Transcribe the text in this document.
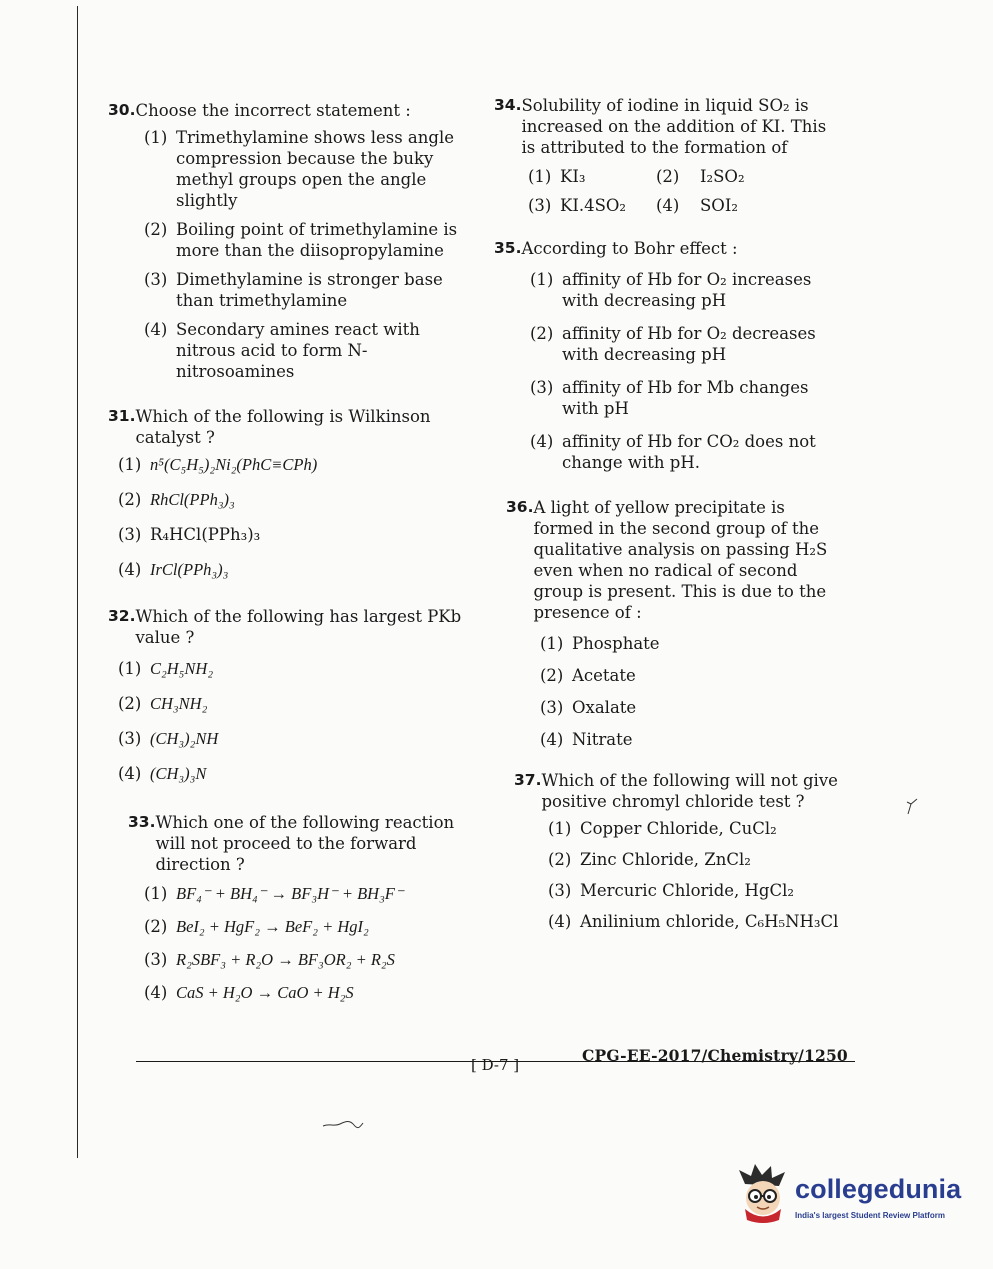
30. Choose the incorrect statement :
(1) Trimethylamine shows less angle compression because the buky methyl groups open the angle slightly
(2) Boiling point of trimethylamine is more than the diisopropylamine
(3) Dimethylamine is stronger base than trimethylamine
(4) Secondary amines react with nitrous acid to form N-nitrosoamines
31. Which of the following is Wilkinson catalyst ?
(1) n⁵(C₅H₅)₂Ni₂(PhC≡CPh)
(2) RhCl(PPh₃)₃
(3) R₄HCl(PPh₃)₃
(4) IrCl(PPh₃)₃
32. Which of the following has largest PKb value ?
(1) C₂H₅NH₂
(2) CH₃NH₂
(3) (CH₃)₂NH
(4) (CH₃)₃N
33. Which one of the following reaction will not proceed to the forward direction ?
(1) BF₄⁻ + BH₄⁻ → BF₃H⁻ + BH₃F⁻
(2) BeI₂ + HgF₂ → BeF₂ + HgI₂
(3) R₂SBF₃ + R₂O → BF₃OR₂ + R₂S
(4) CaS + H₂O → CaO + H₂S
34. Solubility of iodine in liquid SO₂ is increased on the addition of KI. This is attributed to the formation of
(1) KI₃	(2)	I₂SO₂
(3) KI.4SO₂	(4)	SOI₂
35. According to Bohr effect :
(1) affinity of Hb for O₂ increases with decreasing pH
(2) affinity of Hb for O₂ decreases with decreasing pH
(3) affinity of Hb for Mb changes with pH
(4) affinity of Hb for CO₂ does not change with pH.
36. A light of yellow precipitate is formed in the second group of the qualitative analysis on passing H₂S even when no radical of second group is present. This is due to the presence of :
(1) Phosphate
(2) Acetate
(3) Oxalate
(4) Nitrate
37. Which of the following will not give positive chromyl chloride test ?
(1) Copper Chloride, CuCl₂
(2) Zinc Chloride, ZnCl₂
(3) Mercuric Chloride, HgCl₂
(4) Anilinium chloride, C₆H₅NH₃Cl
[ D-7 ]	CPG-EE-2017/Chemistry/1250
collegedunia
India's largest Student Review Platform
